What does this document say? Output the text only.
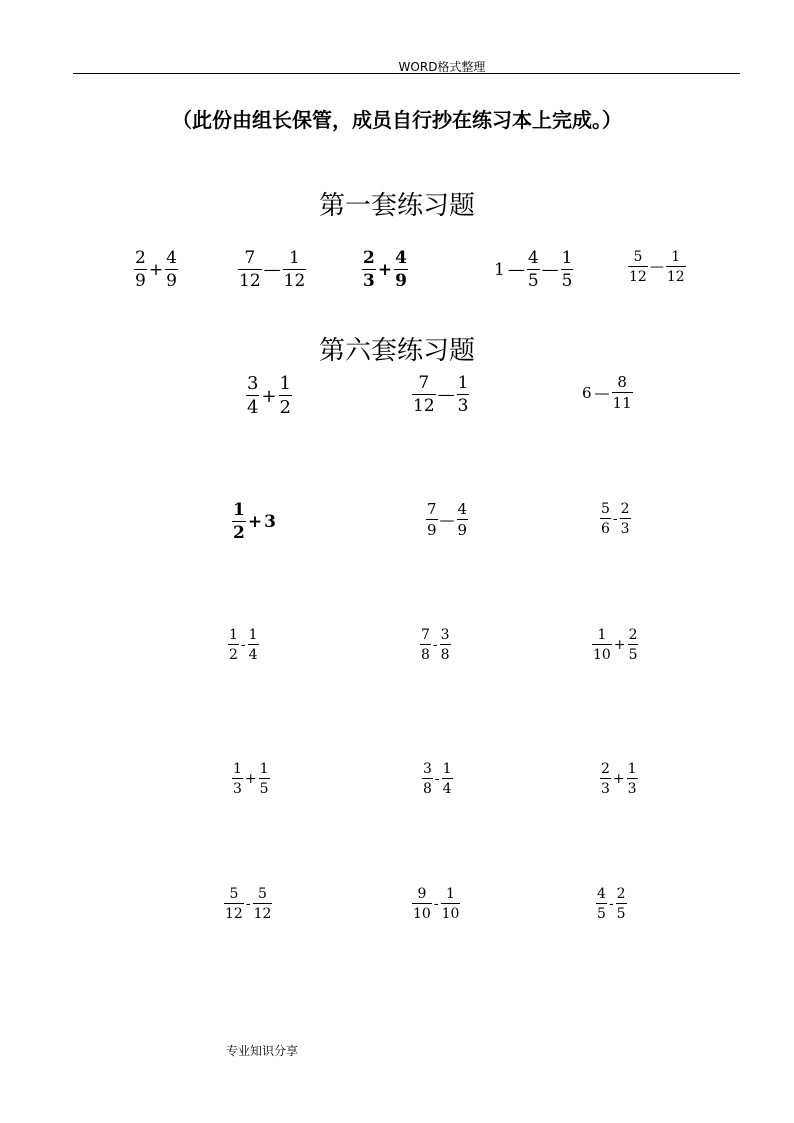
WORD格式整理
（此份由组长保管，成员自行抄在练习本上完成。）
第一套练习题
第六套练习题
$\frac{2}{9} + \frac{4}{9}$	$\frac{7}{12}$ — $\frac{1}{12}$	$\frac{2}{3} + \frac{4}{9}$	1 — $\frac{4}{5}$ — $\frac{1}{5}$	$\frac{5}{12}$ — $\frac{1}{12}$
$\frac{3}{4} + \frac{1}{2}$	$\frac{7}{12}$ — $\frac{1}{3}$	6 — $\frac{8}{11}$
$\frac{1}{2} + 3$	$\frac{7}{9}$ — $\frac{4}{9}$	$\frac{5}{6} - \frac{2}{3}$
$\frac{1}{2} - \frac{1}{4}$	$\frac{7}{8} - \frac{3}{8}$	$\frac{1}{10} + \frac{2}{5}$
$\frac{1}{3} + \frac{1}{5}$	$\frac{3}{8} - \frac{1}{4}$	$\frac{2}{3} + \frac{1}{3}$
$\frac{5}{12} - \frac{5}{12}$	$\frac{9}{10} - \frac{1}{10}$	$\frac{4}{5} - \frac{2}{5}$
专业知识分享
